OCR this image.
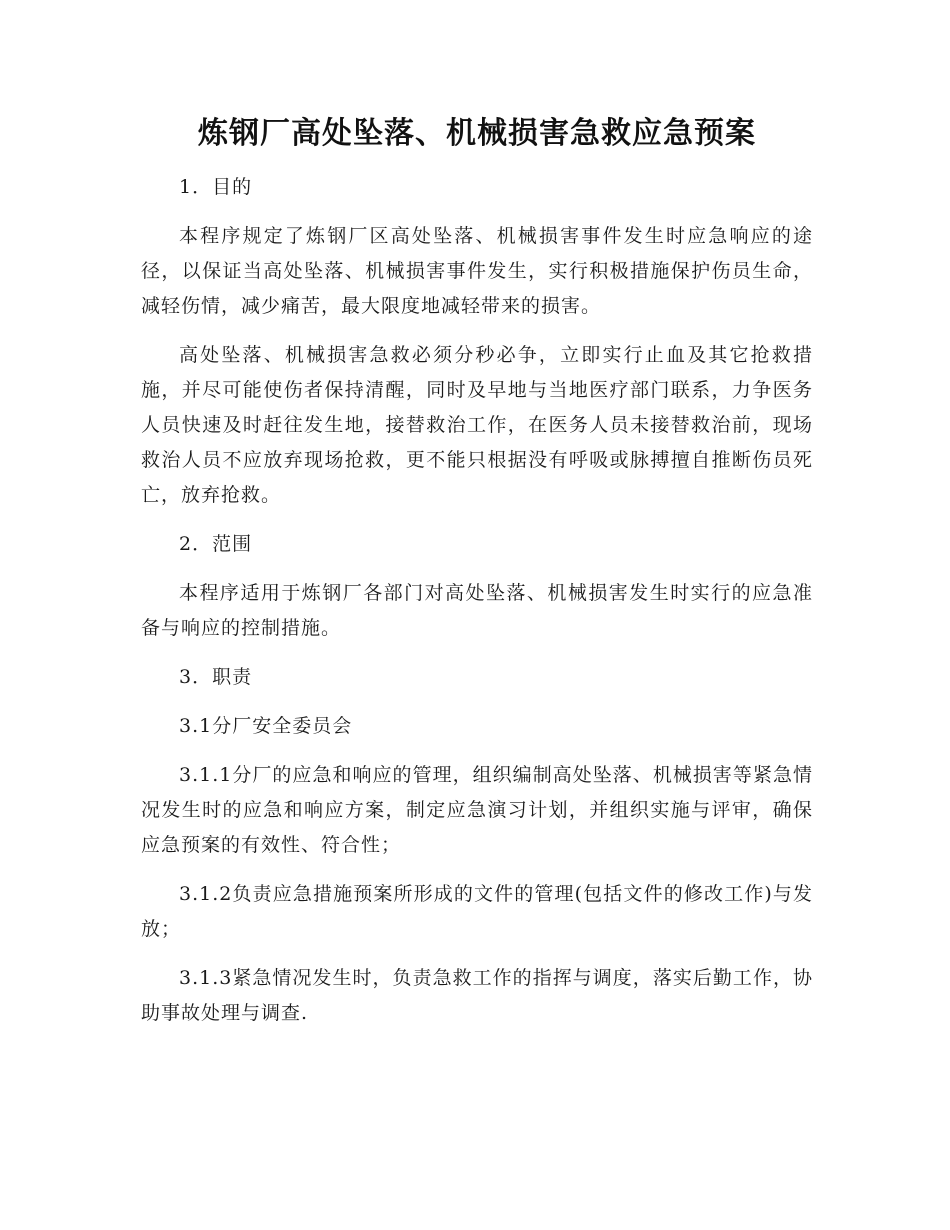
炼钢厂高处坠落、机械损害急救应急预案

1．目的

本程序规定了炼钢厂区高处坠落、机械损害事件发生时应急响应的途径，以保证当高处坠落、机械损害事件发生，实行积极措施保护伤员生命，减轻伤情，减少痛苦，最大限度地减轻带来的损害。

高处坠落、机械损害急救必须分秒必争，立即实行止血及其它抢救措施，并尽可能使伤者保持清醒，同时及早地与当地医疗部门联系，力争医务人员快速及时赶往发生地，接替救治工作，在医务人员未接替救治前，现场救治人员不应放弃现场抢救，更不能只根据没有呼吸或脉搏擅自推断伤员死亡，放弃抢救。

2．范围

本程序适用于炼钢厂各部门对高处坠落、机械损害发生时实行的应急准备与响应的控制措施。

3．职责

3.1分厂安全委员会

3.1.1分厂的应急和响应的管理，组织编制高处坠落、机械损害等紧急情况发生时的应急和响应方案，制定应急演习计划，并组织实施与评审，确保应急预案的有效性、符合性；

3.1.2负责应急措施预案所形成的文件的管理(包括文件的修改工作)与发放；

3.1.3紧急情况发生时，负责急救工作的指挥与调度，落实后勤工作，协助事故处理与调查.
